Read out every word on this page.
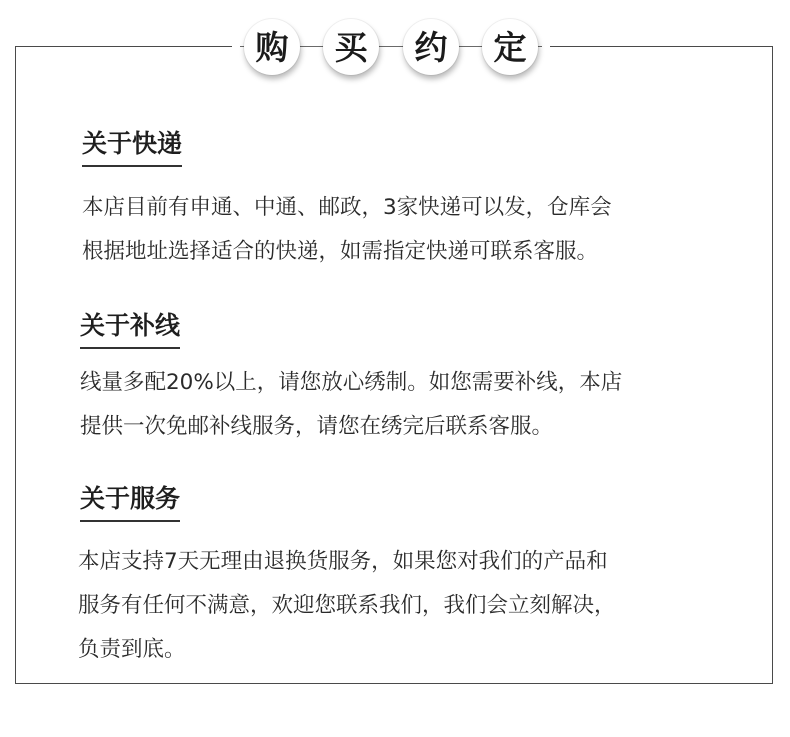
购	买	约	定
关于快递
本店目前有申通、中通、邮政，3家快递可以发，仓库会
根据地址选择适合的快递，如需指定快递可联系客服。
关于补线
线量多配20%以上，请您放心绣制。如您需要补线，本店
提供一次免邮补线服务，请您在绣完后联系客服。
关于服务
本店支持7天无理由退换货服务，如果您对我们的产品和
服务有任何不满意，欢迎您联系我们，我们会立刻解决，
负责到底。
